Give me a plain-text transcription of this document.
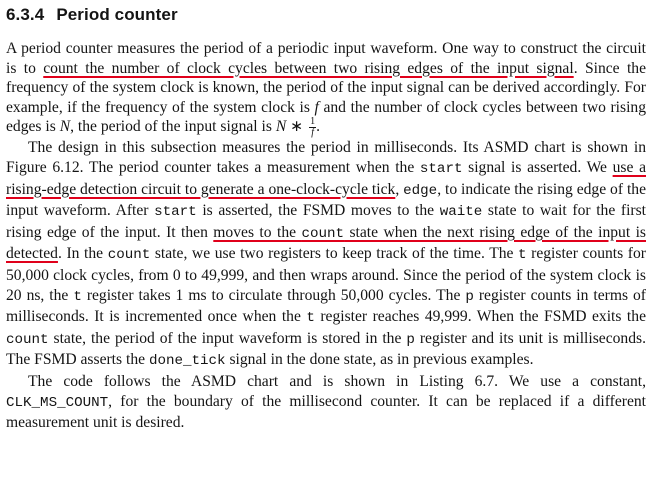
6.3.4 Period counter

A period counter measures the period of a periodic input waveform. One way to construct the circuit is to count the number of clock cycles between two rising edges of the input signal. Since the frequency of the system clock is known, the period of the input signal can be derived accordingly. For example, if the frequency of the system clock is f and the number of clock cycles between two rising edges is N, the period of the input signal is N ∗ $\frac{1}{f}$ .

The design in this subsection measures the period in milliseconds. Its ASMD chart is shown in Figure 6.12. The period counter takes a measurement when the start signal is asserted. We use a rising-edge detection circuit to generate a one-clock-cycle tick, edge, to indicate the rising edge of the input waveform. After start is asserted, the FSMD moves to the waite state to wait for the first rising edge of the input. It then moves to the count state when the next rising edge of the input is detected. In the count state, we use two registers to keep track of the time. The t register counts for 50,000 clock cycles, from 0 to 49,999, and then wraps around. Since the period of the system clock is 20 ns, the t register takes 1 ms to circulate through 50,000 cycles. The p register counts in terms of milliseconds. It is incremented once when the t register reaches 49,999. When the FSMD exits the count state, the period of the input waveform is stored in the p register and its unit is milliseconds. The FSMD asserts the done_tick signal in the done state, as in previous examples.

The code follows the ASMD chart and is shown in Listing 6.7. We use a constant, CLK_MS_COUNT, for the boundary of the millisecond counter. It can be replaced if a different measurement unit is desired.
